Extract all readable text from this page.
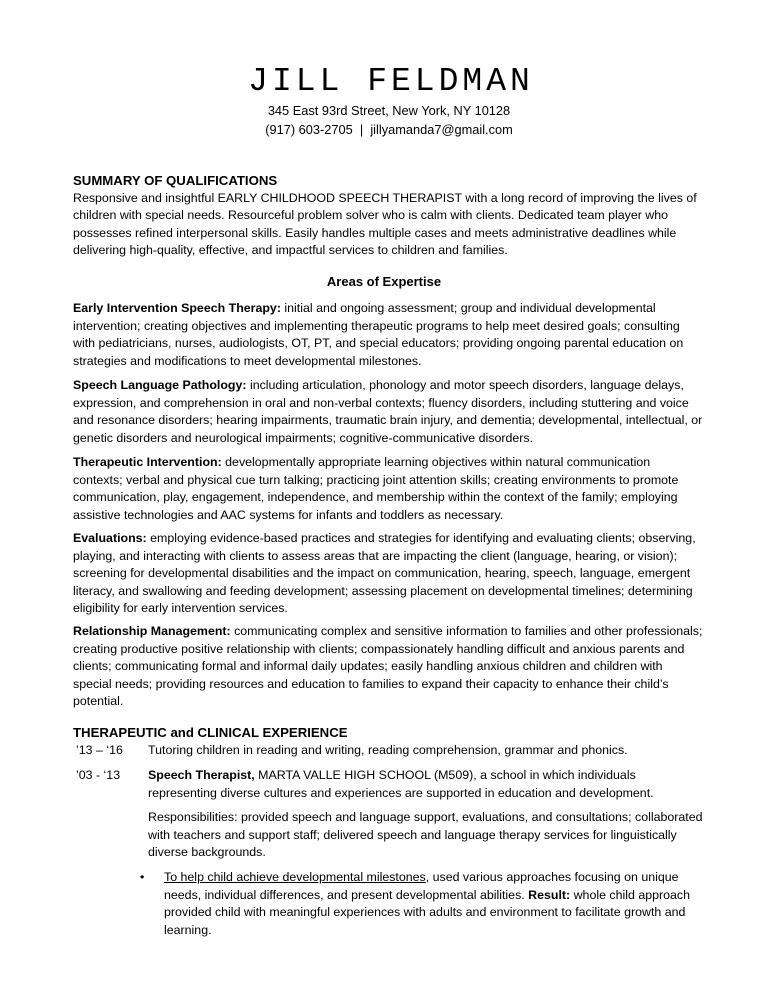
JILL FELDMAN
345 East 93rd Street, New York, NY 10128
(917) 603-2705 | jillyamanda7@gmail.com
SUMMARY OF QUALIFICATIONS
Responsive and insightful EARLY CHILDHOOD SPEECH THERAPIST with a long record of improving the lives of children with special needs. Resourceful problem solver who is calm with clients. Dedicated team player who possesses refined interpersonal skills. Easily handles multiple cases and meets administrative deadlines while delivering high-quality, effective, and impactful services to children and families.
Areas of Expertise
Early Intervention Speech Therapy: initial and ongoing assessment; group and individual developmental intervention; creating objectives and implementing therapeutic programs to help meet desired goals; consulting with pediatricians, nurses, audiologists, OT, PT, and special educators; providing ongoing parental education on strategies and modifications to meet developmental milestones.
Speech Language Pathology: including articulation, phonology and motor speech disorders, language delays, expression, and comprehension in oral and non-verbal contexts; fluency disorders, including stuttering and voice and resonance disorders; hearing impairments, traumatic brain injury, and dementia; developmental, intellectual, or genetic disorders and neurological impairments; cognitive-communicative disorders.
Therapeutic Intervention: developmentally appropriate learning objectives within natural communication contexts; verbal and physical cue turn talking; practicing joint attention skills; creating environments to promote communication, play, engagement, independence, and membership within the context of the family; employing assistive technologies and AAC systems for infants and toddlers as necessary.
Evaluations: employing evidence-based practices and strategies for identifying and evaluating clients; observing, playing, and interacting with clients to assess areas that are impacting the client (language, hearing, or vision); screening for developmental disabilities and the impact on communication, hearing, speech, language, emergent literacy, and swallowing and feeding development; assessing placement on developmental timelines; determining eligibility for early intervention services.
Relationship Management: communicating complex and sensitive information to families and other professionals; creating productive positive relationship with clients; compassionately handling difficult and anxious parents and clients; communicating formal and informal daily updates; easily handling anxious children and children with special needs; providing resources and education to families to expand their capacity to enhance their child’s potential.
THERAPEUTIC and CLINICAL EXPERIENCE
’13 – ‘16	Tutoring children in reading and writing, reading comprehension, grammar and phonics.
’03 - ‘13	Speech Therapist, MARTA VALLE HIGH SCHOOL (M509), a school in which individuals representing diverse cultures and experiences are supported in education and development.
Responsibilities: provided speech and language support, evaluations, and consultations; collaborated with teachers and support staff; delivered speech and language therapy services for linguistically diverse backgrounds.
• To help child achieve developmental milestones, used various approaches focusing on unique needs, individual differences, and present developmental abilities. Result: whole child approach provided child with meaningful experiences with adults and environment to facilitate growth and learning.
